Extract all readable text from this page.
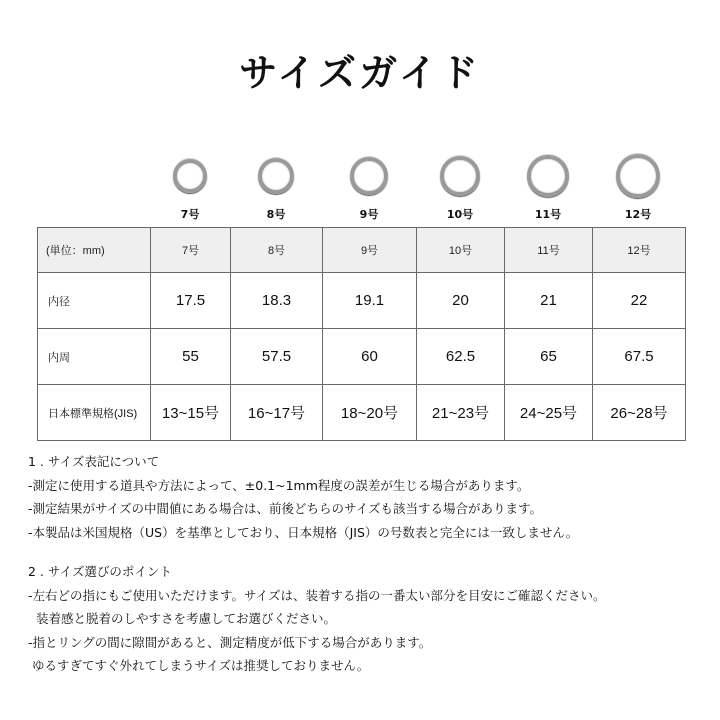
サイズガイド
7号	8号	9号	10号	11号	12号
(単位：mm)	7号	8号	9号	10号	11号	12号
内径	17.5	18.3	19.1	20	21	22
内周	55	57.5	60	62.5	65	67.5
日本標準規格(JIS)	13~15号	16~17号	18~20号	21~23号	24~25号	26~28号
1 . サイズ表記について
-測定に使用する道具や方法によって、±0.1~1mm程度の誤差が生じる場合があります。
-測定結果がサイズの中間値にある場合は、前後どちらのサイズも該当する場合があります。
-本製品は米国規格（US）を基準としており、日本規格（JIS）の号数表と完全には一致しません。
2 . サイズ選びのポイント
-左右どの指にもご使用いただけます。サイズは、装着する指の一番太い部分を目安にご確認ください。
装着感と脱着のしやすさを考慮してお選びください。
-指とリングの間に隙間があると、測定精度が低下する場合があります。
ゆるすぎてすぐ外れてしまうサイズは推奨しておりません。
